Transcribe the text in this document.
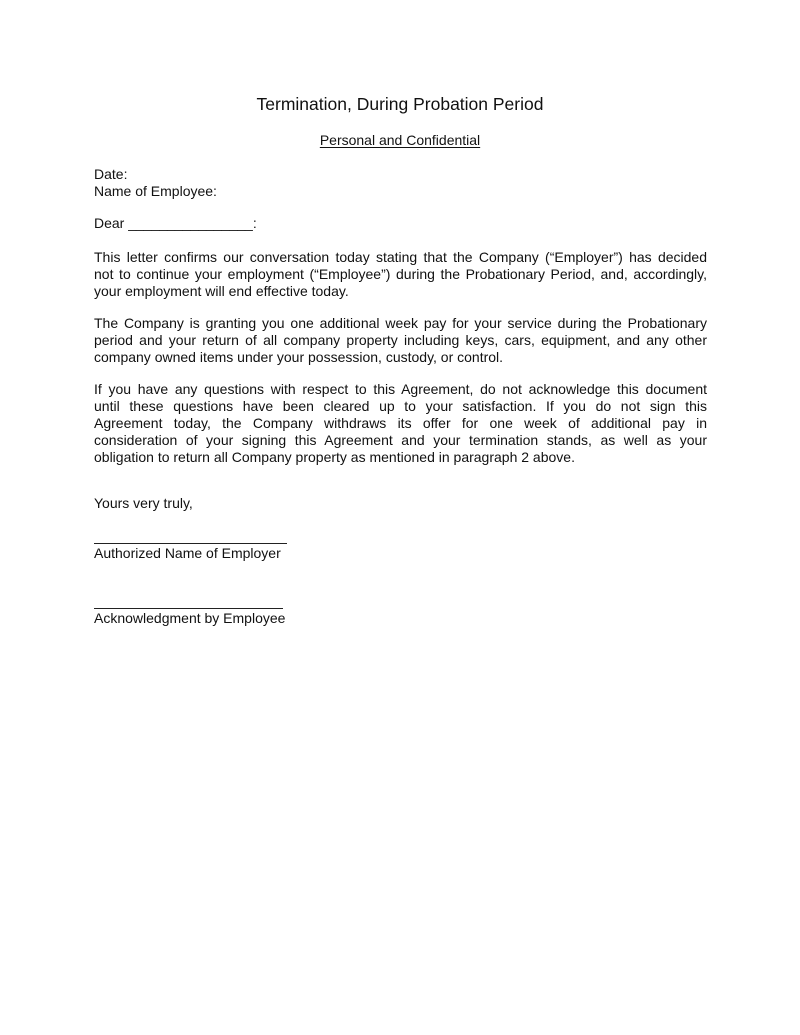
Termination, During Probation Period
Personal and Confidential
Date:
Name of Employee:
Dear ________________:
This letter confirms our conversation today stating that the Company (“Employer”) has decided
not to continue your employment (“Employee”) during the Probationary Period, and, accordingly,
your employment will end effective today.
The Company is granting you one additional week pay for your service during the Probationary
period and your return of all company property including keys, cars, equipment, and any other
company owned items under your possession, custody, or control.
If you have any questions with respect to this Agreement, do not acknowledge this document
until these questions have been cleared up to your satisfaction. If you do not sign this
Agreement today, the Company withdraws its offer for one week of additional pay in
consideration of your signing this Agreement and your termination stands, as well as your
obligation to return all Company property as mentioned in paragraph 2 above.
Yours very truly,
Authorized Name of Employer
Acknowledgment by Employee
